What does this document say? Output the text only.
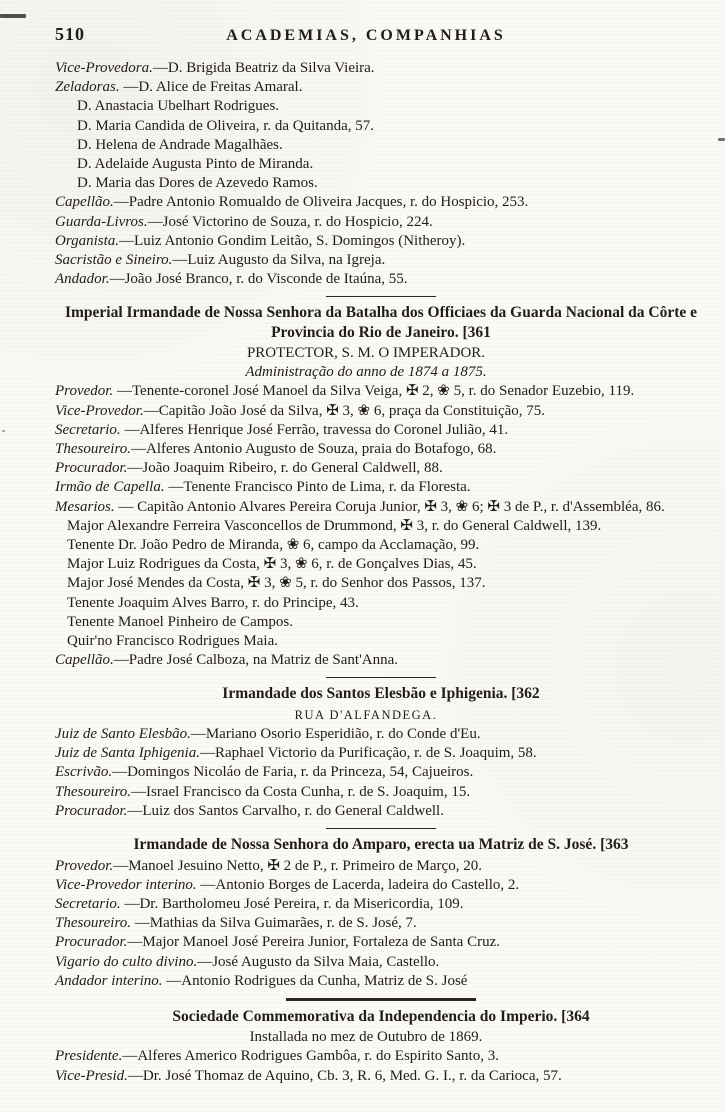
510	ACADEMIAS, COMPANHIAS

Vice-Provedora.—D. Brigida Beatriz da Silva Vieira.

Zeladoras. —D. Alice de Freitas Amaral.

D. Anastacia Ubelhart Rodrigues.

D. Maria Candida de Oliveira, r. da Quitanda, 57.

D. Helena de Andrade Magalhães.

D. Adelaide Augusta Pinto de Miranda.

D. Maria das Dores de Azevedo Ramos.

Capellão.—Padre Antonio Romualdo de Oliveira Jacques, r. do Hospicio, 253.

Guarda-Livros.—José Victorino de Souza, r. do Hospicio, 224.

Organista.—Luiz Antonio Gondim Leitão, S. Domingos (Nitheroy).

Sacristão e Sineiro.—Luiz Augusto da Silva, na Igreja.

Andador.—João José Branco, r. do Visconde de Itaúna, 55.

Imperial Irmandade de Nossa Senhora da Batalha dos Officiaes da Guarda Nacional da Côrte e Provincia do Rio de Janeiro. [361
PROTECTOR, S. M. O IMPERADOR.
Administração do anno de 1874 a 1875.

Provedor. —Tenente-coronel José Manoel da Silva Veiga, ✠ 2, ❀ 5, r. do Senador Euzebio, 119.

Vice-Provedor.—Capitão João José da Silva, ✠ 3, ❀ 6, praça da Constituição, 75.

Secretario. —Alferes Henrique José Ferrão, travessa do Coronel Julião, 41.

Thesoureiro.—Alferes Antonio Augusto de Souza, praia do Botafogo, 68.

Procurador.—João Joaquim Ribeiro, r. do General Caldwell, 88.

Irmão de Capella. —Tenente Francisco Pinto de Lima, r. da Floresta.

Mesarios. — Capitão Antonio Alvares Pereira Coruja Junior, ✠ 3, ❀ 6; ✠ 3 de P., r. d'Assembléa, 86.

Major Alexandre Ferreira Vasconcellos de Drummond, ✠ 3, r. do General Caldwell, 139.

Tenente Dr. João Pedro de Miranda, ❀ 6, campo da Acclamação, 99.

Major Luiz Rodrigues da Costa, ✠ 3, ❀ 6, r. de Gonçalves Dias, 45.

Major José Mendes da Costa, ✠ 3, ❀ 5, r. do Senhor dos Passos, 137.

Tenente Joaquim Alves Barro, r. do Principe, 43.

Tenente Manoel Pinheiro de Campos.

Quir'no Francisco Rodrigues Maia.

Capellão.—Padre José Calboza, na Matriz de Sant'Anna.

Irmandade dos Santos Elesbão e Iphigenia. [362
RUA D'ALFANDEGA.

Juiz de Santo Elesbão.—Mariano Osorio Esperidião, r. do Conde d'Eu.

Juiz de Santa Iphigenia.—Raphael Victorio da Purificação, r. de S. Joaquim, 58.

Escrivão.—Domingos Nicoláo de Faria, r. da Princeza, 54, Cajueiros.

Thesoureiro.—Israel Francisco da Costa Cunha, r. de S. Joaquim, 15.

Procurador.—Luiz dos Santos Carvalho, r. do General Caldwell.

Irmandade de Nossa Senhora do Amparo, erecta ua Matriz de S. José. [363

Provedor.—Manoel Jesuino Netto, ✠ 2 de P., r. Primeiro de Março, 20.

Vice-Provedor interino. —Antonio Borges de Lacerda, ladeira do Castello, 2.

Secretario. —Dr. Bartholomeu José Pereira, r. da Misericordia, 109.

Thesoureiro. —Mathias da Silva Guimarães, r. de S. José, 7.

Procurador.—Major Manoel José Pereira Junior, Fortaleza de Santa Cruz.

Vigario do culto divino.—José Augusto da Silva Maia, Castello.

Andador interino. —Antonio Rodrigues da Cunha, Matriz de S. José

Sociedade Commemorativa da Independencia do Imperio. [364
Installada no mez de Outubro de 1869.

Presidente.—Alferes Americo Rodrigues Gambôa, r. do Espirito Santo, 3.

Vice-Presid.—Dr. José Thomaz de Aquino, Cb. 3, R. 6, Med. G. I., r. da Carioca, 57.
